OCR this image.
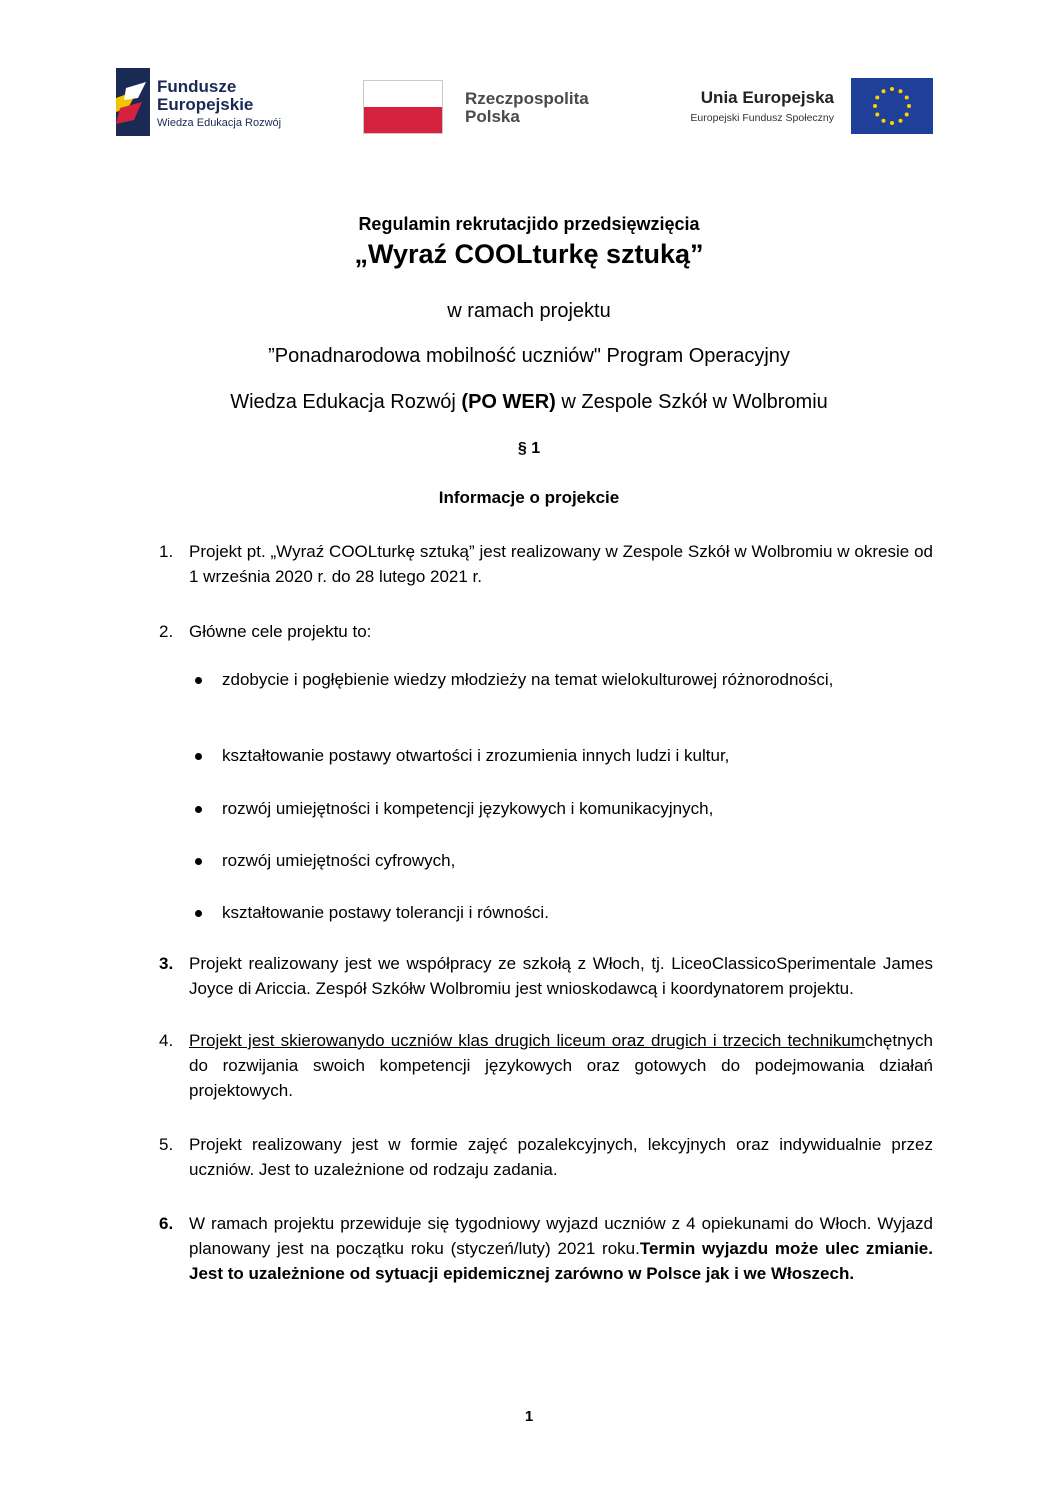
Fundusze
Europejskie
Wiedza Edukacja Rozwój
Rzeczpospolita
Polska
Unia Europejska
Europejski Fundusz Społeczny
Regulamin rekrutacjido przedsięwzięcia
„Wyraź COOLturkę sztuką”
w ramach projektu
”Ponadnarodowa mobilność uczniów" Program Operacyjny
Wiedza Edukacja Rozwój (PO WER) w Zespole Szkół w Wolbromiu
§ 1
Informacje o projekcie
1. Projekt pt. „Wyraź COOLturkę sztuką” jest realizowany w Zespole Szkół w Wolbromiu w okresie od 1 września 2020 r. do 28 lutego 2021 r.
2. Główne cele projektu to:
zdobycie i pogłębienie wiedzy młodzieży na temat wielokulturowej różnorodności,
kształtowanie postawy otwartości i zrozumienia innych ludzi i kultur,
rozwój umiejętności i kompetencji językowych i komunikacyjnych,
rozwój umiejętności cyfrowych,
kształtowanie postawy tolerancji i równości.
3. Projekt realizowany jest we współpracy ze szkołą z Włoch, tj. LiceoClassicoSperimentale James Joyce di Ariccia. Zespół Szkółw Wolbromiu jest wnioskodawcą i koordynatorem projektu.
4. Projekt jest skierowanydo uczniów klas drugich liceum oraz drugich i trzecich technikumchętnych do rozwijania swoich kompetencji językowych oraz gotowych do podejmowania działań projektowych.
5. Projekt realizowany jest w formie zajęć pozalekcyjnych, lekcyjnych oraz indywidualnie przez uczniów. Jest to uzależnione od rodzaju zadania.
6. W ramach projektu przewiduje się tygodniowy wyjazd uczniów z 4 opiekunami do Włoch. Wyjazd planowany jest na początku roku (styczeń/luty) 2021 roku.Termin wyjazdu może ulec zmianie. Jest to uzależnione od sytuacji epidemicznej zarówno w Polsce jak i we Włoszech.
1
